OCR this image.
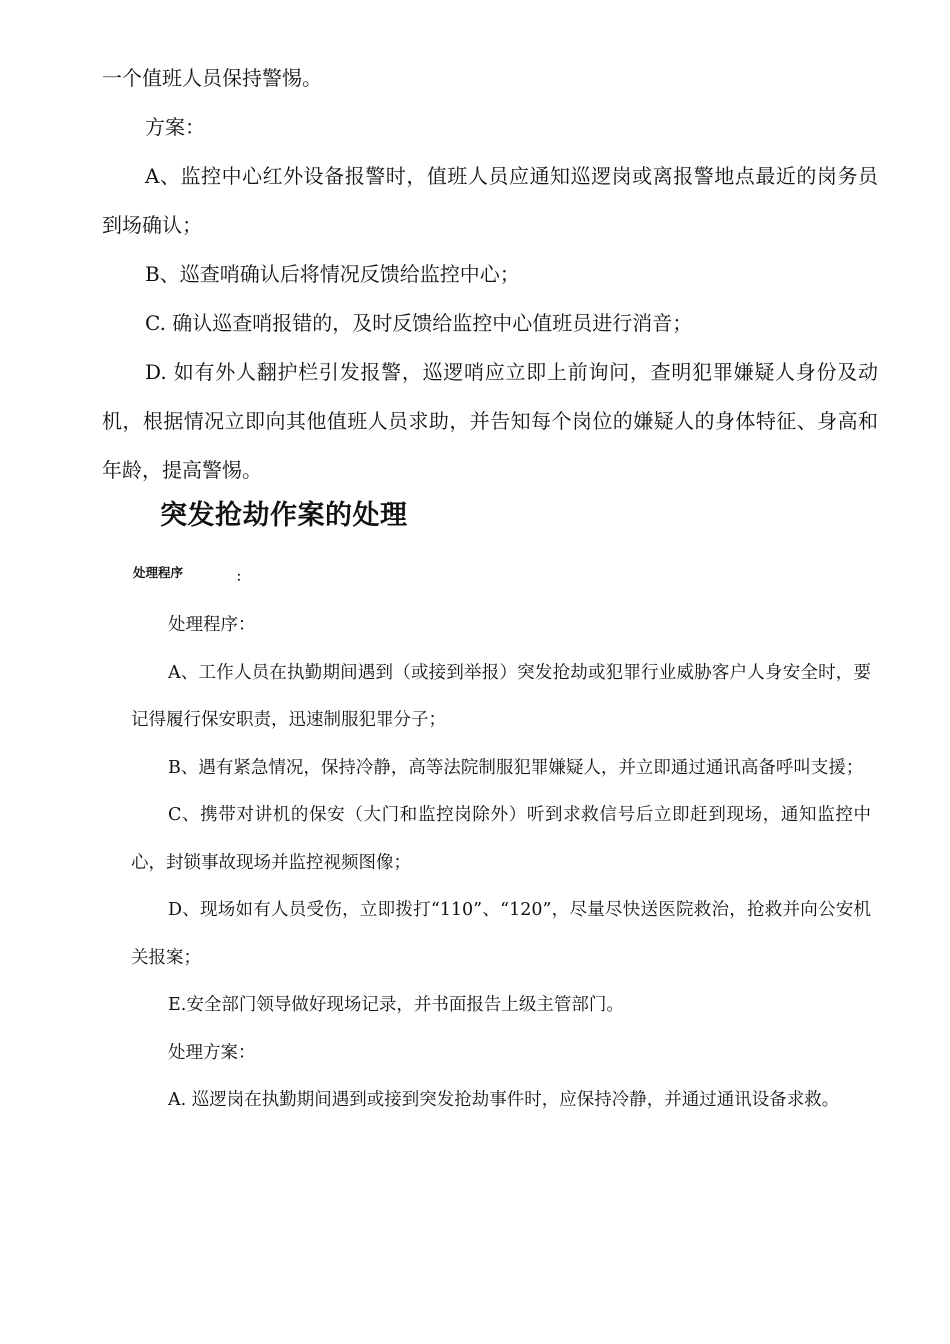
一个值班人员保持警惕。

方案：

A、监控中心红外设备报警时，值班人员应通知巡逻岗或离报警地点最近的岗务员到场确认；

B、巡查哨确认后将情况反馈给监控中心；

C. 确认巡查哨报错的，及时反馈给监控中心值班员进行消音；

D. 如有外人翻护栏引发报警，巡逻哨应立即上前询问，查明犯罪嫌疑人身份及动机，根据情况立即向其他值班人员求助，并告知每个岗位的嫌疑人的身体特征、身高和年龄，提高警惕。

突发抢劫作案的处理
处理程序	：

处理程序：

A、工作人员在执勤期间遇到（或接到举报）突发抢劫或犯罪行业威胁客户人身安全时，要记得履行保安职责，迅速制服犯罪分子；

B、遇有紧急情况，保持冷静，高等法院制服犯罪嫌疑人，并立即通过通讯高备呼叫支援；

C、携带对讲机的保安（大门和监控岗除外）听到求救信号后立即赶到现场，通知监控中心，封锁事故现场并监控视频图像；

D、现场如有人员受伤，立即拨打“110”、“120”，尽量尽快送医院救治，抢救并向公安机关报案；

E.安全部门领导做好现场记录，并书面报告上级主管部门。

处理方案：

A. 巡逻岗在执勤期间遇到或接到突发抢劫事件时，应保持冷静，并通过通讯设备求救。
